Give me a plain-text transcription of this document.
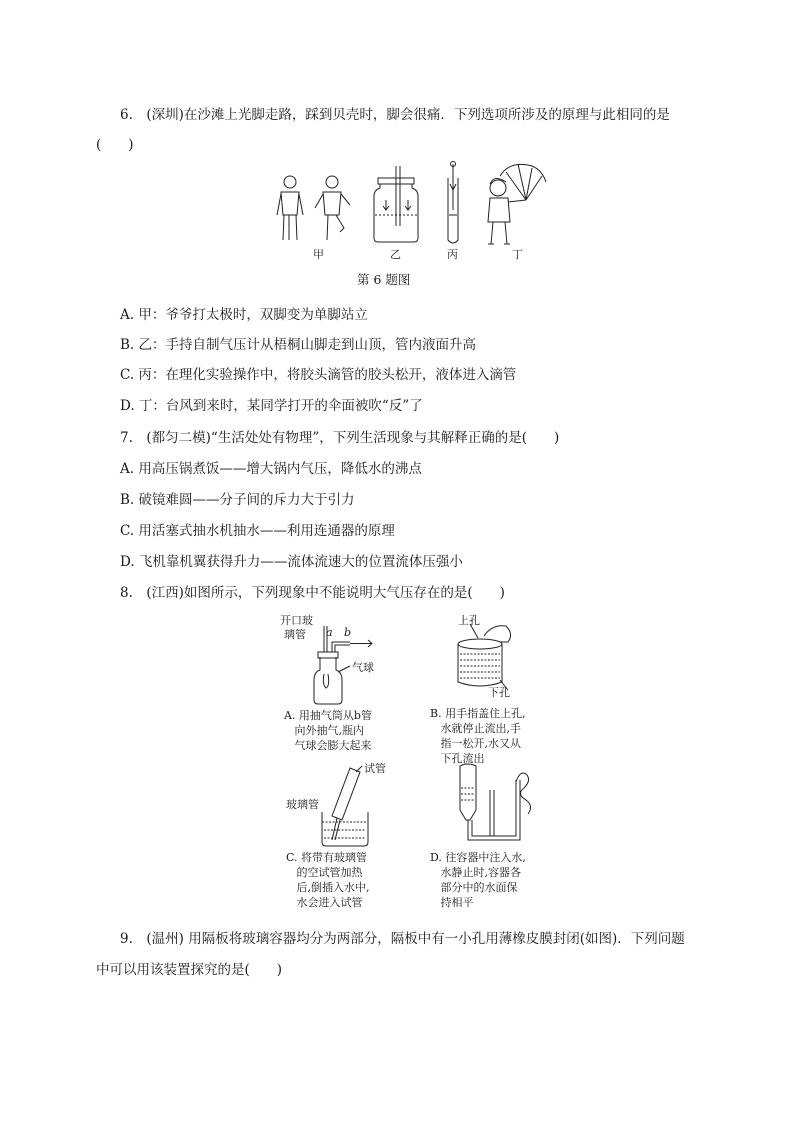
6.　(深圳)在沙滩上光脚走路，踩到贝壳时，脚会很痛．下列选项所涉及的原理与此相同的是
(　　)
甲	乙	丙	丁
第 6 题图
A. 甲：爷爷打太极时，双脚变为单脚站立
B. 乙：手持自制气压计从梧桐山脚走到山顶，管内液面升高
C. 丙：在理化实验操作中，将胶头滴管的胶头松开，液体进入滴管
D. 丁：台风到来时，某同学打开的伞面被吹“反”了
7.　(都匀二模)“生活处处有物理”，下列生活现象与其解释正确的是(　　)
A. 用高压锅煮饭——增大锅内气压，降低水的沸点
B. 破镜难圆——分子间的斥力大于引力
C. 用活塞式抽水机抽水——利用连通器的原理
D. 飞机靠机翼获得升力——流体流速大的位置流体压强小
8.　(江西)如图所示，下列现象中不能说明大气压存在的是(　　)
开口玻
璃管 a b
气球
A. 用抽气筒从b管
向外抽气,瓶内
气球会膨大起来
上孔
下孔
B. 用手指盖住上孔,
水就停止流出,手
指一松开,水又从
下孔流出
试管
玻璃管
C. 将带有玻璃管
的空试管加热
后,倒插入水中,
水会进入试管
D. 往容器中注入水,
水静止时,容器各
部分中的水面保
持相平
9.　(温州) 用隔板将玻璃容器均分为两部分，隔板中有一小孔用薄橡皮膜封闭(如图)．下列问题
中可以用该装置探究的是(　　)
